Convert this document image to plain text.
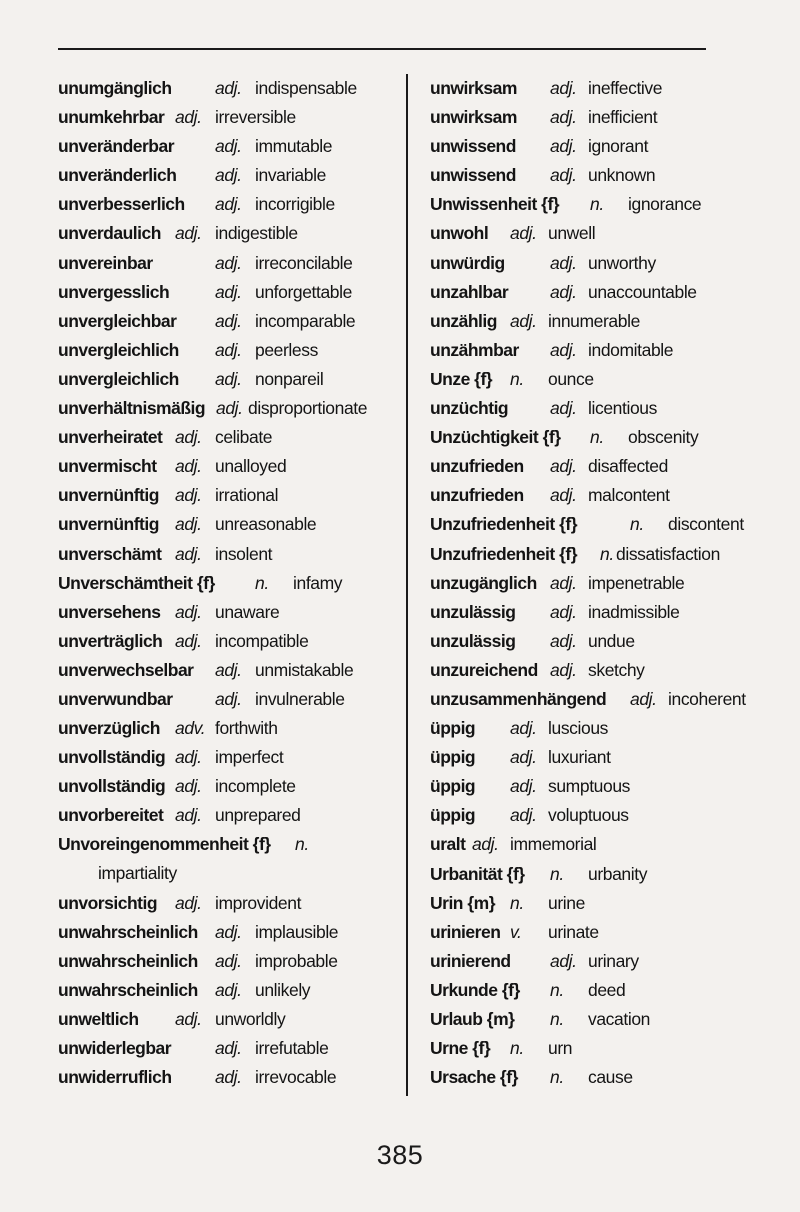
unumgänglich adj. indispensable
unumkehrbar adj. irreversible
unveränderbar adj. immutable
unveränderlich adj. invariable
unverbesserlich adj. incorrigible
unverdaulich adj. indigestible
unvereinbar	adj. irreconcilable
unvergesslich	adj. unforgettable
unvergleichbar adj. incomparable
unvergleichlich adj. peerless
unvergleichlich adj. nonpareil
unverhältnismäßig adj. disproportionate
unverheiratet adj. celibate
unvermischt adj. unalloyed
unvernünftig adj. irrational
unvernünftig adj. unreasonable
unverschämt adj. insolent
Unverschämtheit {f} n. infamy
unversehens adj. unaware
unverträglich adj. incompatible
unverwechselbar adj. unmistakable
unverwundbar adj. invulnerable
unverzüglich adv. forthwith
unvollständig adj. imperfect
unvollständig adj. incomplete
unvorbereitet adj. unprepared
Unvoreingenommenheit {f} n.
impartiality
unvorsichtig adj. improvident
unwahrscheinlich adj. implausible
unwahrscheinlich adj. improbable
unwahrscheinlich adj. unlikely
unweltlich adj. unworldly
unwiderlegbar	adj. irrefutable
unwiderruflich adj. irrevocable
unwirksam adj. ineffective
unwirksam adj. inefficient
unwissend adj. ignorant
unwissend adj. unknown
Unwissenheit {f} n. ignorance
unwohl adj. unwell
unwürdig	adj. unworthy
unzahlbar adj. unaccountable
unzählig adj. innumerable
unzähmbar adj. indomitable
Unze {f} n. ounce
unzüchtig adj. licentious
Unzüchtigkeit {f} n. obscenity
unzufrieden adj. disaffected
unzufrieden adj. malcontent
Unzufriedenheit {f}	n. discontent
Unzufriedenheit {f} n. dissatisfaction
unzugänglich adj. impenetrable
unzulässig adj. inadmissible
unzulässig adj. undue
unzureichend adj. sketchy
unzusammenhängend adj. incoherent
üppig adj. luscious
üppig adj. luxuriant
üppig adj. sumptuous
üppig adj. voluptuous
uralt adj. immemorial
Urbanität {f} n. urbanity
Urin {m} n. urine
urinieren v. urinate
urinierend adj. urinary
Urkunde {f} n. deed
Urlaub {m} n. vacation
Urne {f} n. urn
Ursache {f} n. cause
385
